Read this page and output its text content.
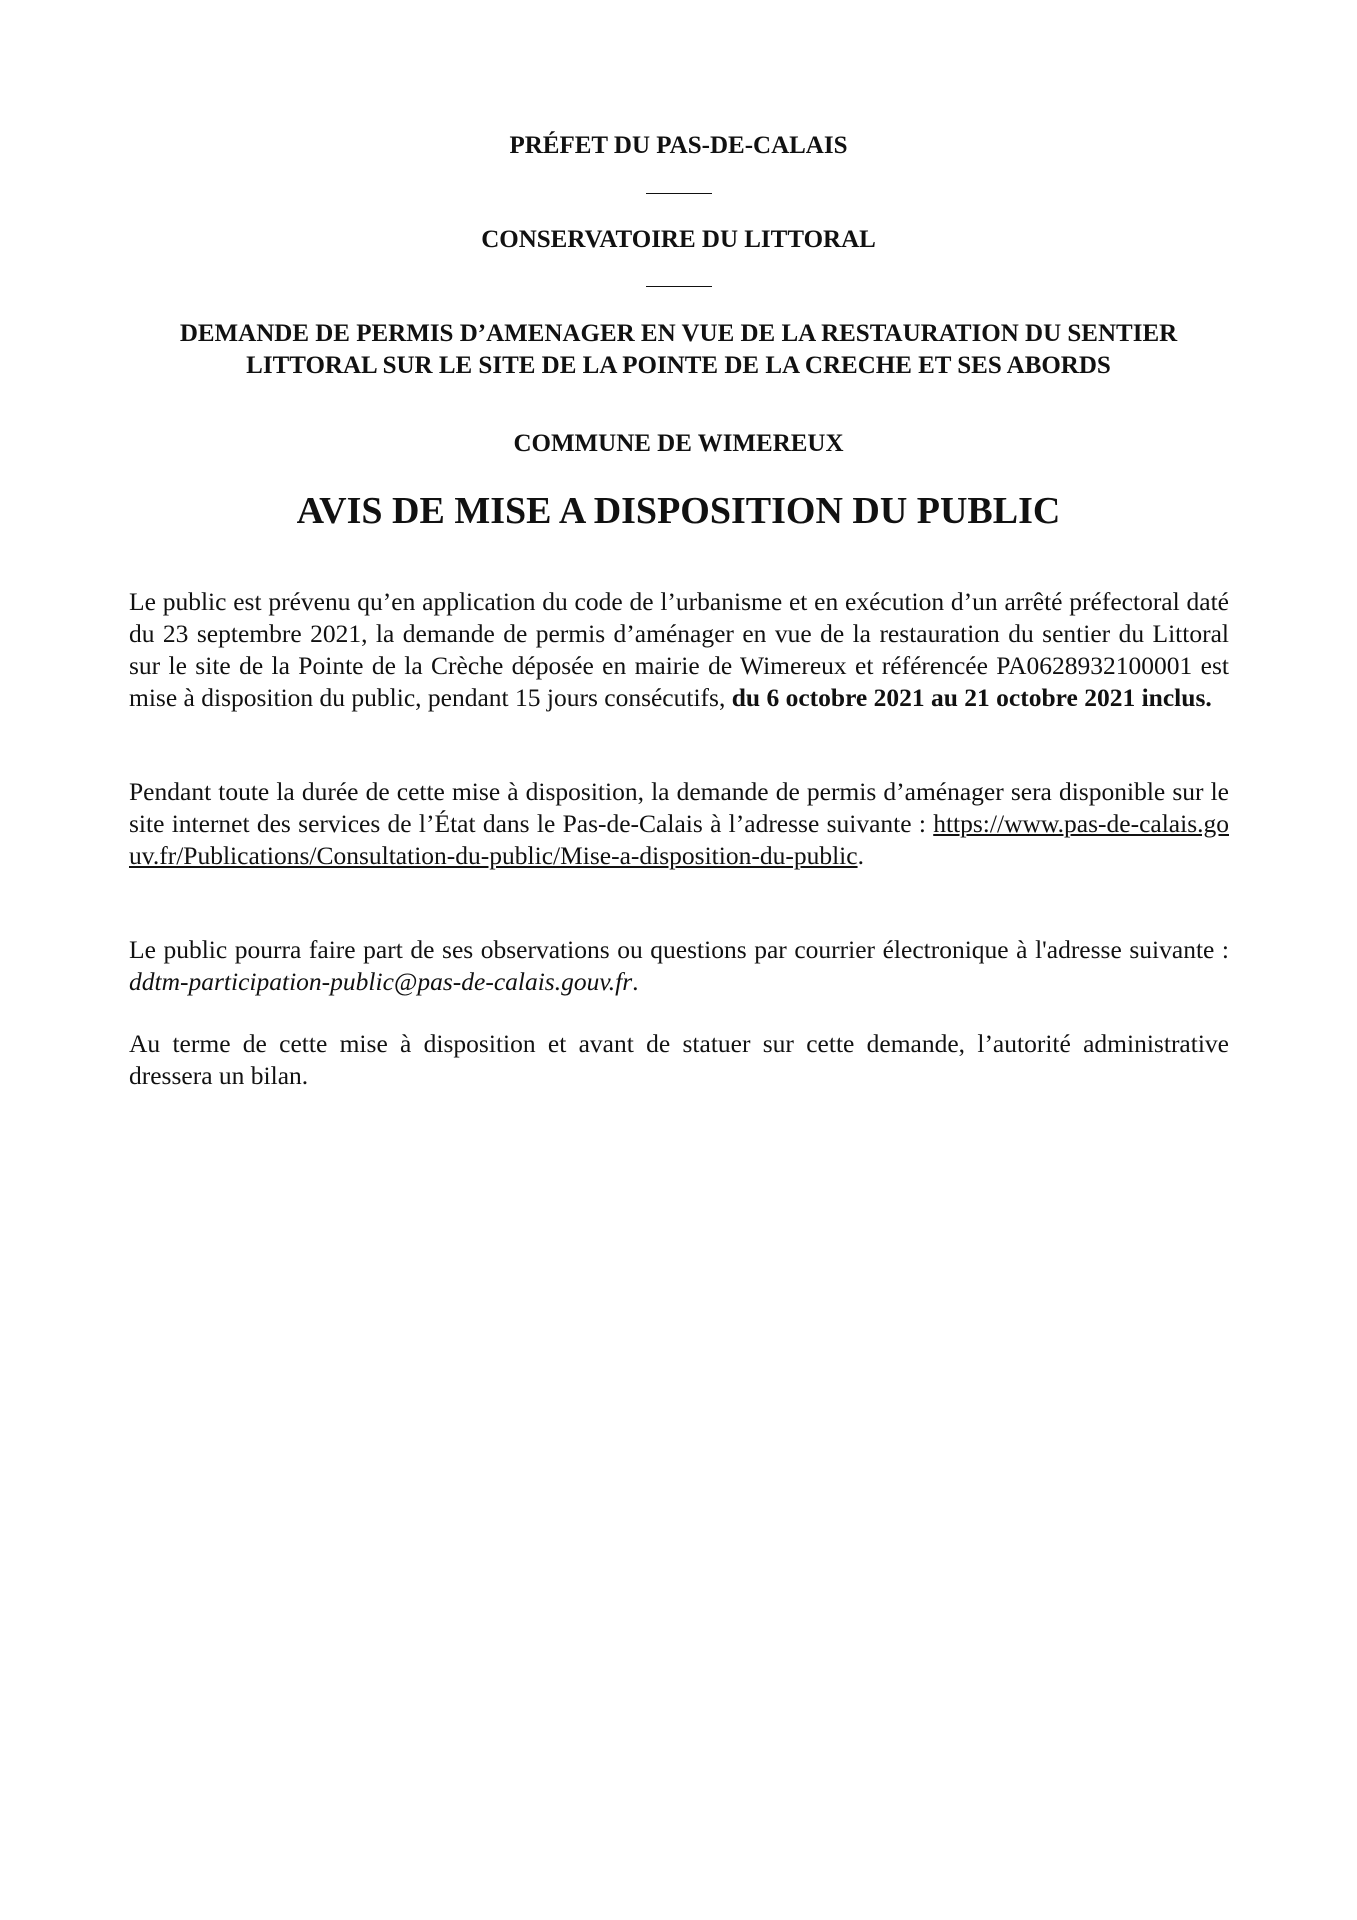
PRÉFET DU PAS-DE-CALAIS
CONSERVATOIRE DU LITTORAL
DEMANDE DE PERMIS D’AMENAGER EN VUE DE LA RESTAURATION DU SENTIER
LITTORAL SUR LE SITE DE LA POINTE DE LA CRECHE ET SES ABORDS
COMMUNE DE WIMEREUX
AVIS DE MISE A DISPOSITION DU PUBLIC
Le public est prévenu qu’en application du code de l’urbanisme et en exécution d’un arrêté préfectoral daté du 23 septembre 2021, la demande de permis d’aménager en vue de la restauration du sentier du Littoral sur le site de la Pointe de la Crèche déposée en mairie de Wimereux et référencée PA0628932100001 est mise à disposition du public, pendant 15 jours consécutifs, du 6 octobre 2021 au 21 octobre 2021 inclus.
Pendant toute la durée de cette mise à disposition, la demande de permis d’aménager sera disponible sur le site internet des services de l’État dans le Pas-de-Calais à l’adresse suivante : https://www.pas-de-calais.gouv.fr/Publications/Consultation-du-public/Mise-a-disposition-du-public.
Le public pourra faire part de ses observations ou questions par courrier électronique à l'adresse suivante : ddtm-participation-public@pas-de-calais.gouv.fr.
Au terme de cette mise à disposition et avant de statuer sur cette demande, l’autorité administrative dressera un bilan.
